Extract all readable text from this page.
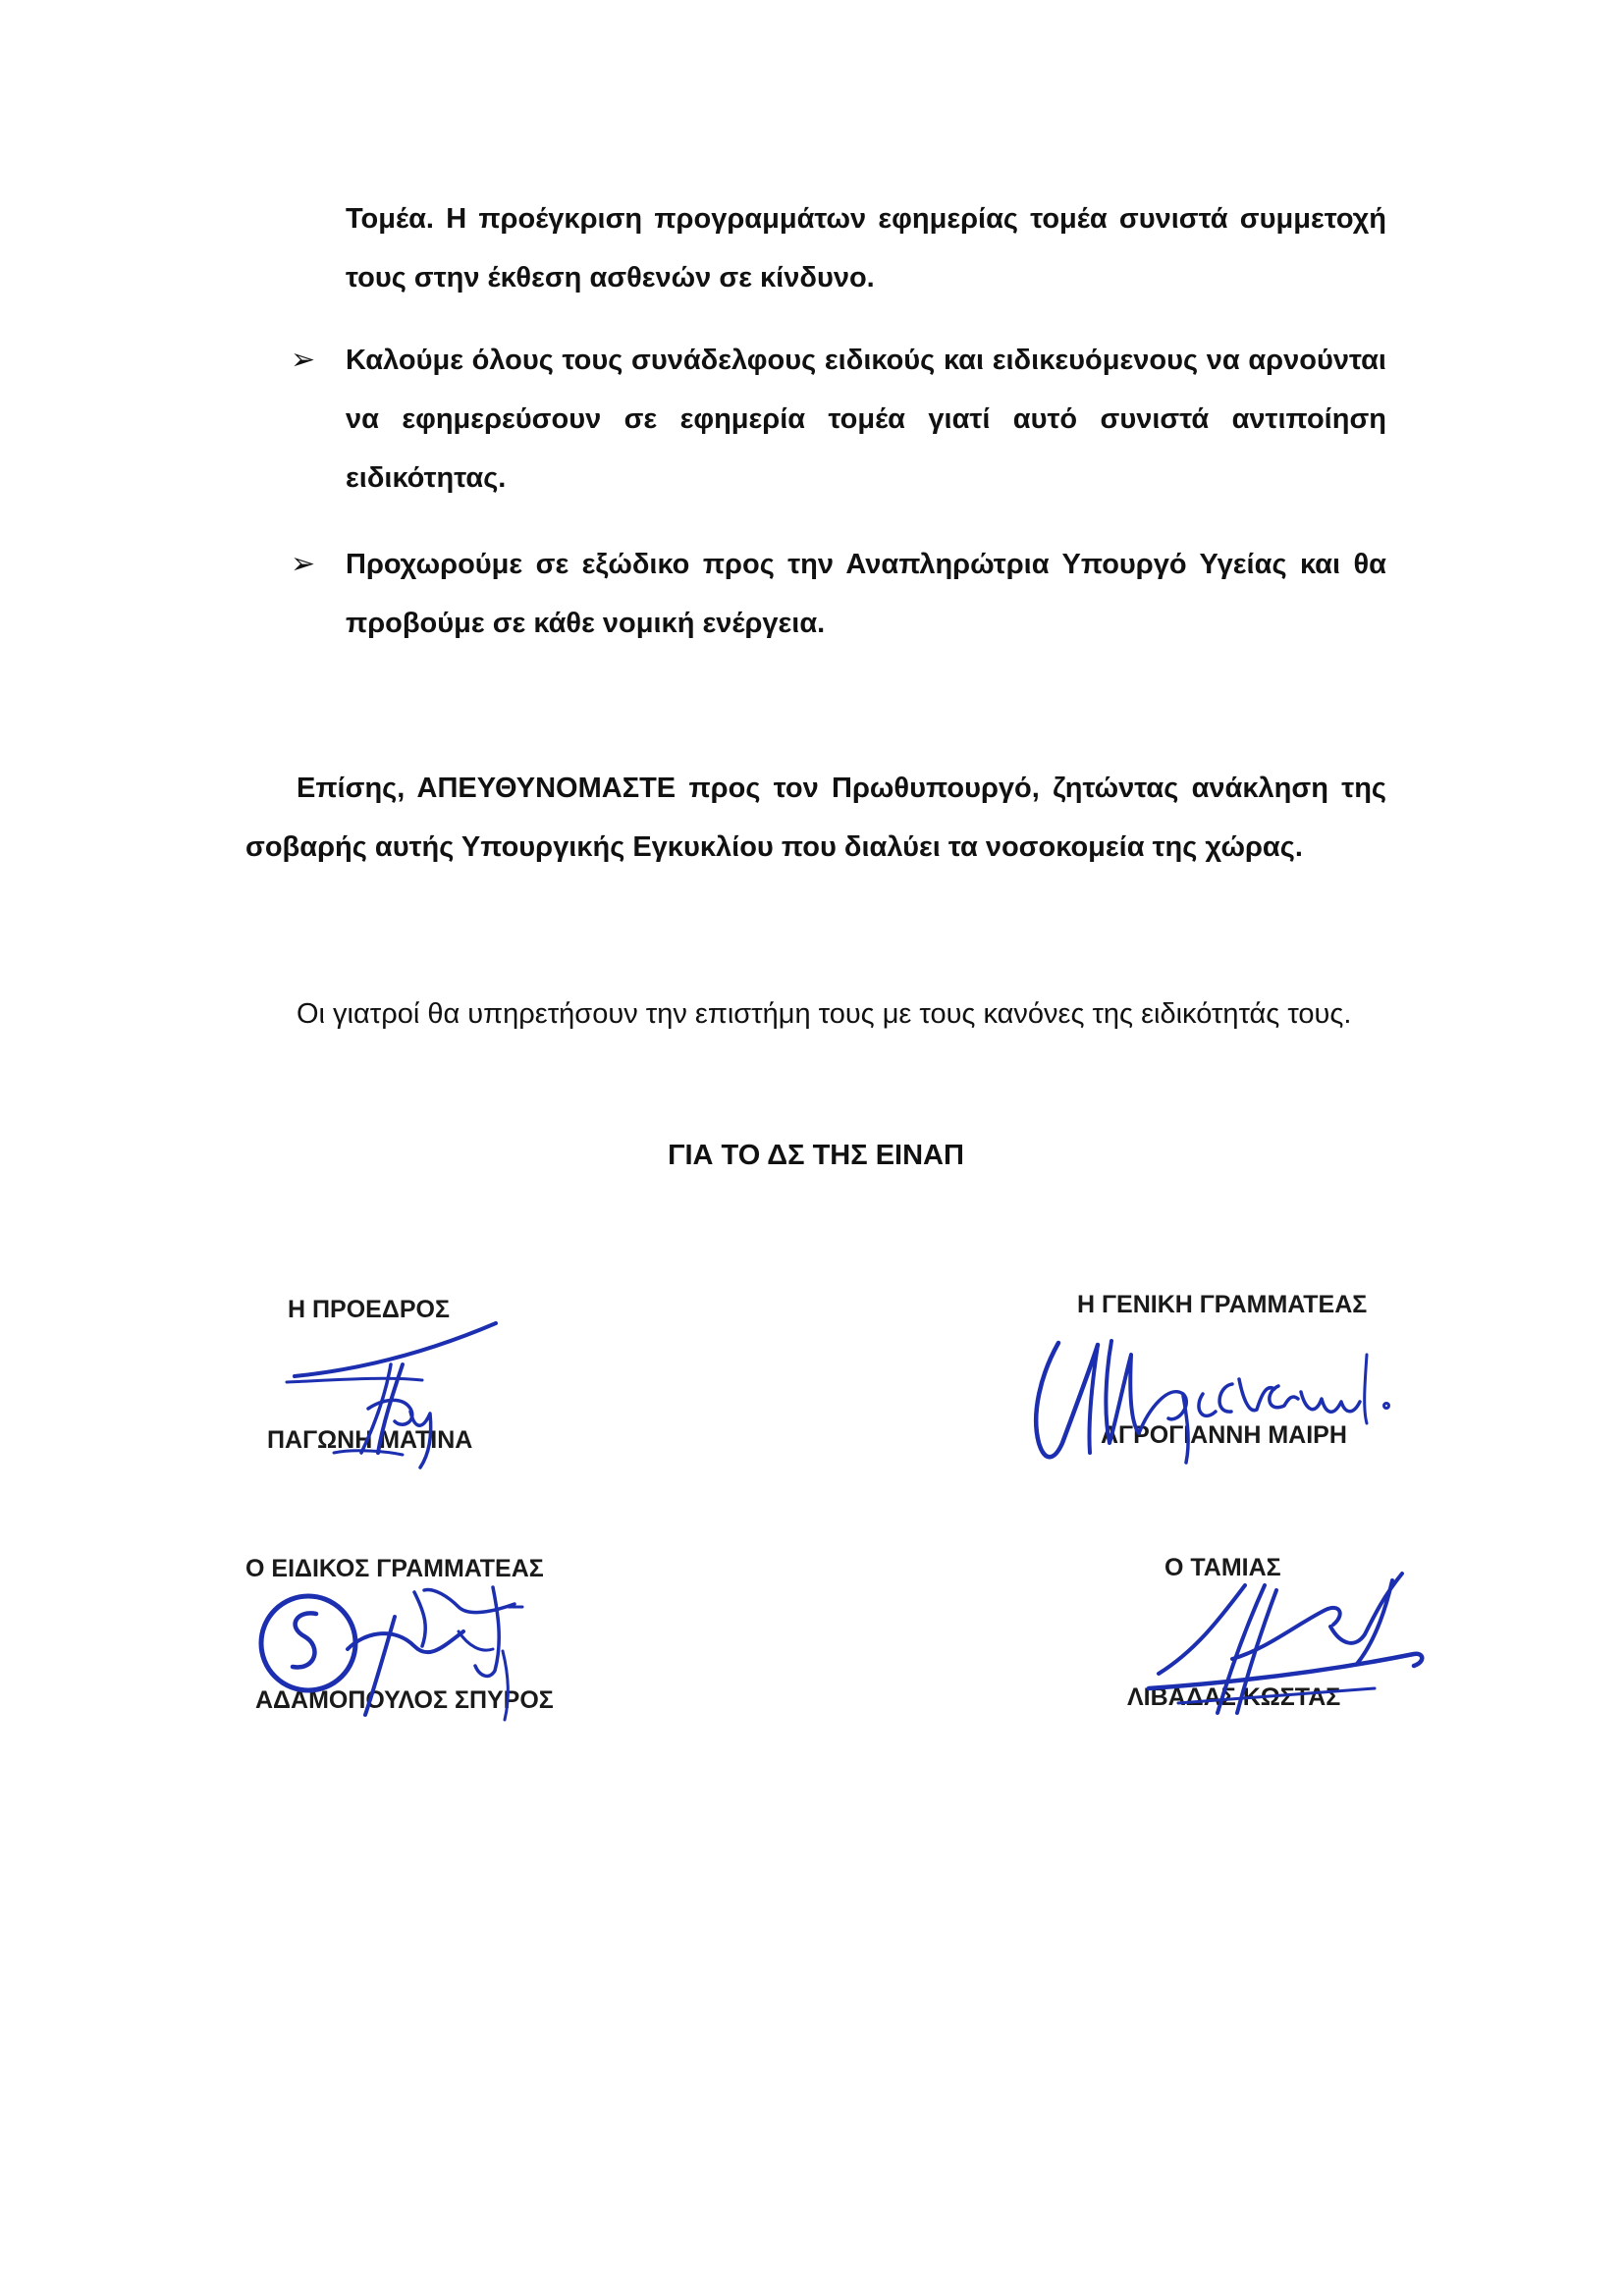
Τομέα. Η προέγκριση προγραμμάτων εφημερίας τομέα συνιστά συμμετοχή τους στην έκθεση ασθενών σε κίνδυνο.
➢ Καλούμε όλους τους συνάδελφους ειδικούς και ειδικευόμενους να αρνούνται να εφημερεύσουν σε εφημερία τομέα γιατί αυτό συνιστά αντιποίηση ειδικότητας.
➢ Προχωρούμε σε εξώδικο προς την Αναπληρώτρια Υπουργό Υγείας και θα προβούμε σε κάθε νομική ενέργεια.
Επίσης, ΑΠΕΥΘΥΝΟΜΑΣΤΕ προς τον Πρωθυπουργό, ζητώντας ανάκληση της σοβαρής αυτής Υπουργικής Εγκυκλίου που διαλύει τα νοσοκομεία της χώρας.
Οι γιατροί θα υπηρετήσουν την επιστήμη τους με τους κανόνες της ειδικότητάς τους.
ΓΙΑ ΤΟ ΔΣ ΤΗΣ ΕΙΝΑΠ
Η ΠΡΟΕΔΡΟΣ
ΠΑΓΩΝΗ ΜΑΤΙΝΑ
Η ΓΕΝΙΚΗ ΓΡΑΜΜΑΤΕΑΣ
ΑΓΡΟΓΙΑΝΝΗ ΜΑΙΡΗ
Ο ΕΙΔΙΚΟΣ ΓΡΑΜΜΑΤΕΑΣ
ΑΔΑΜΟΠΟΥΛΟΣ ΣΠΥΡΟΣ
Ο ΤΑΜΙΑΣ
ΛΙΒΑΔΑΣ ΚΩΣΤΑΣ
